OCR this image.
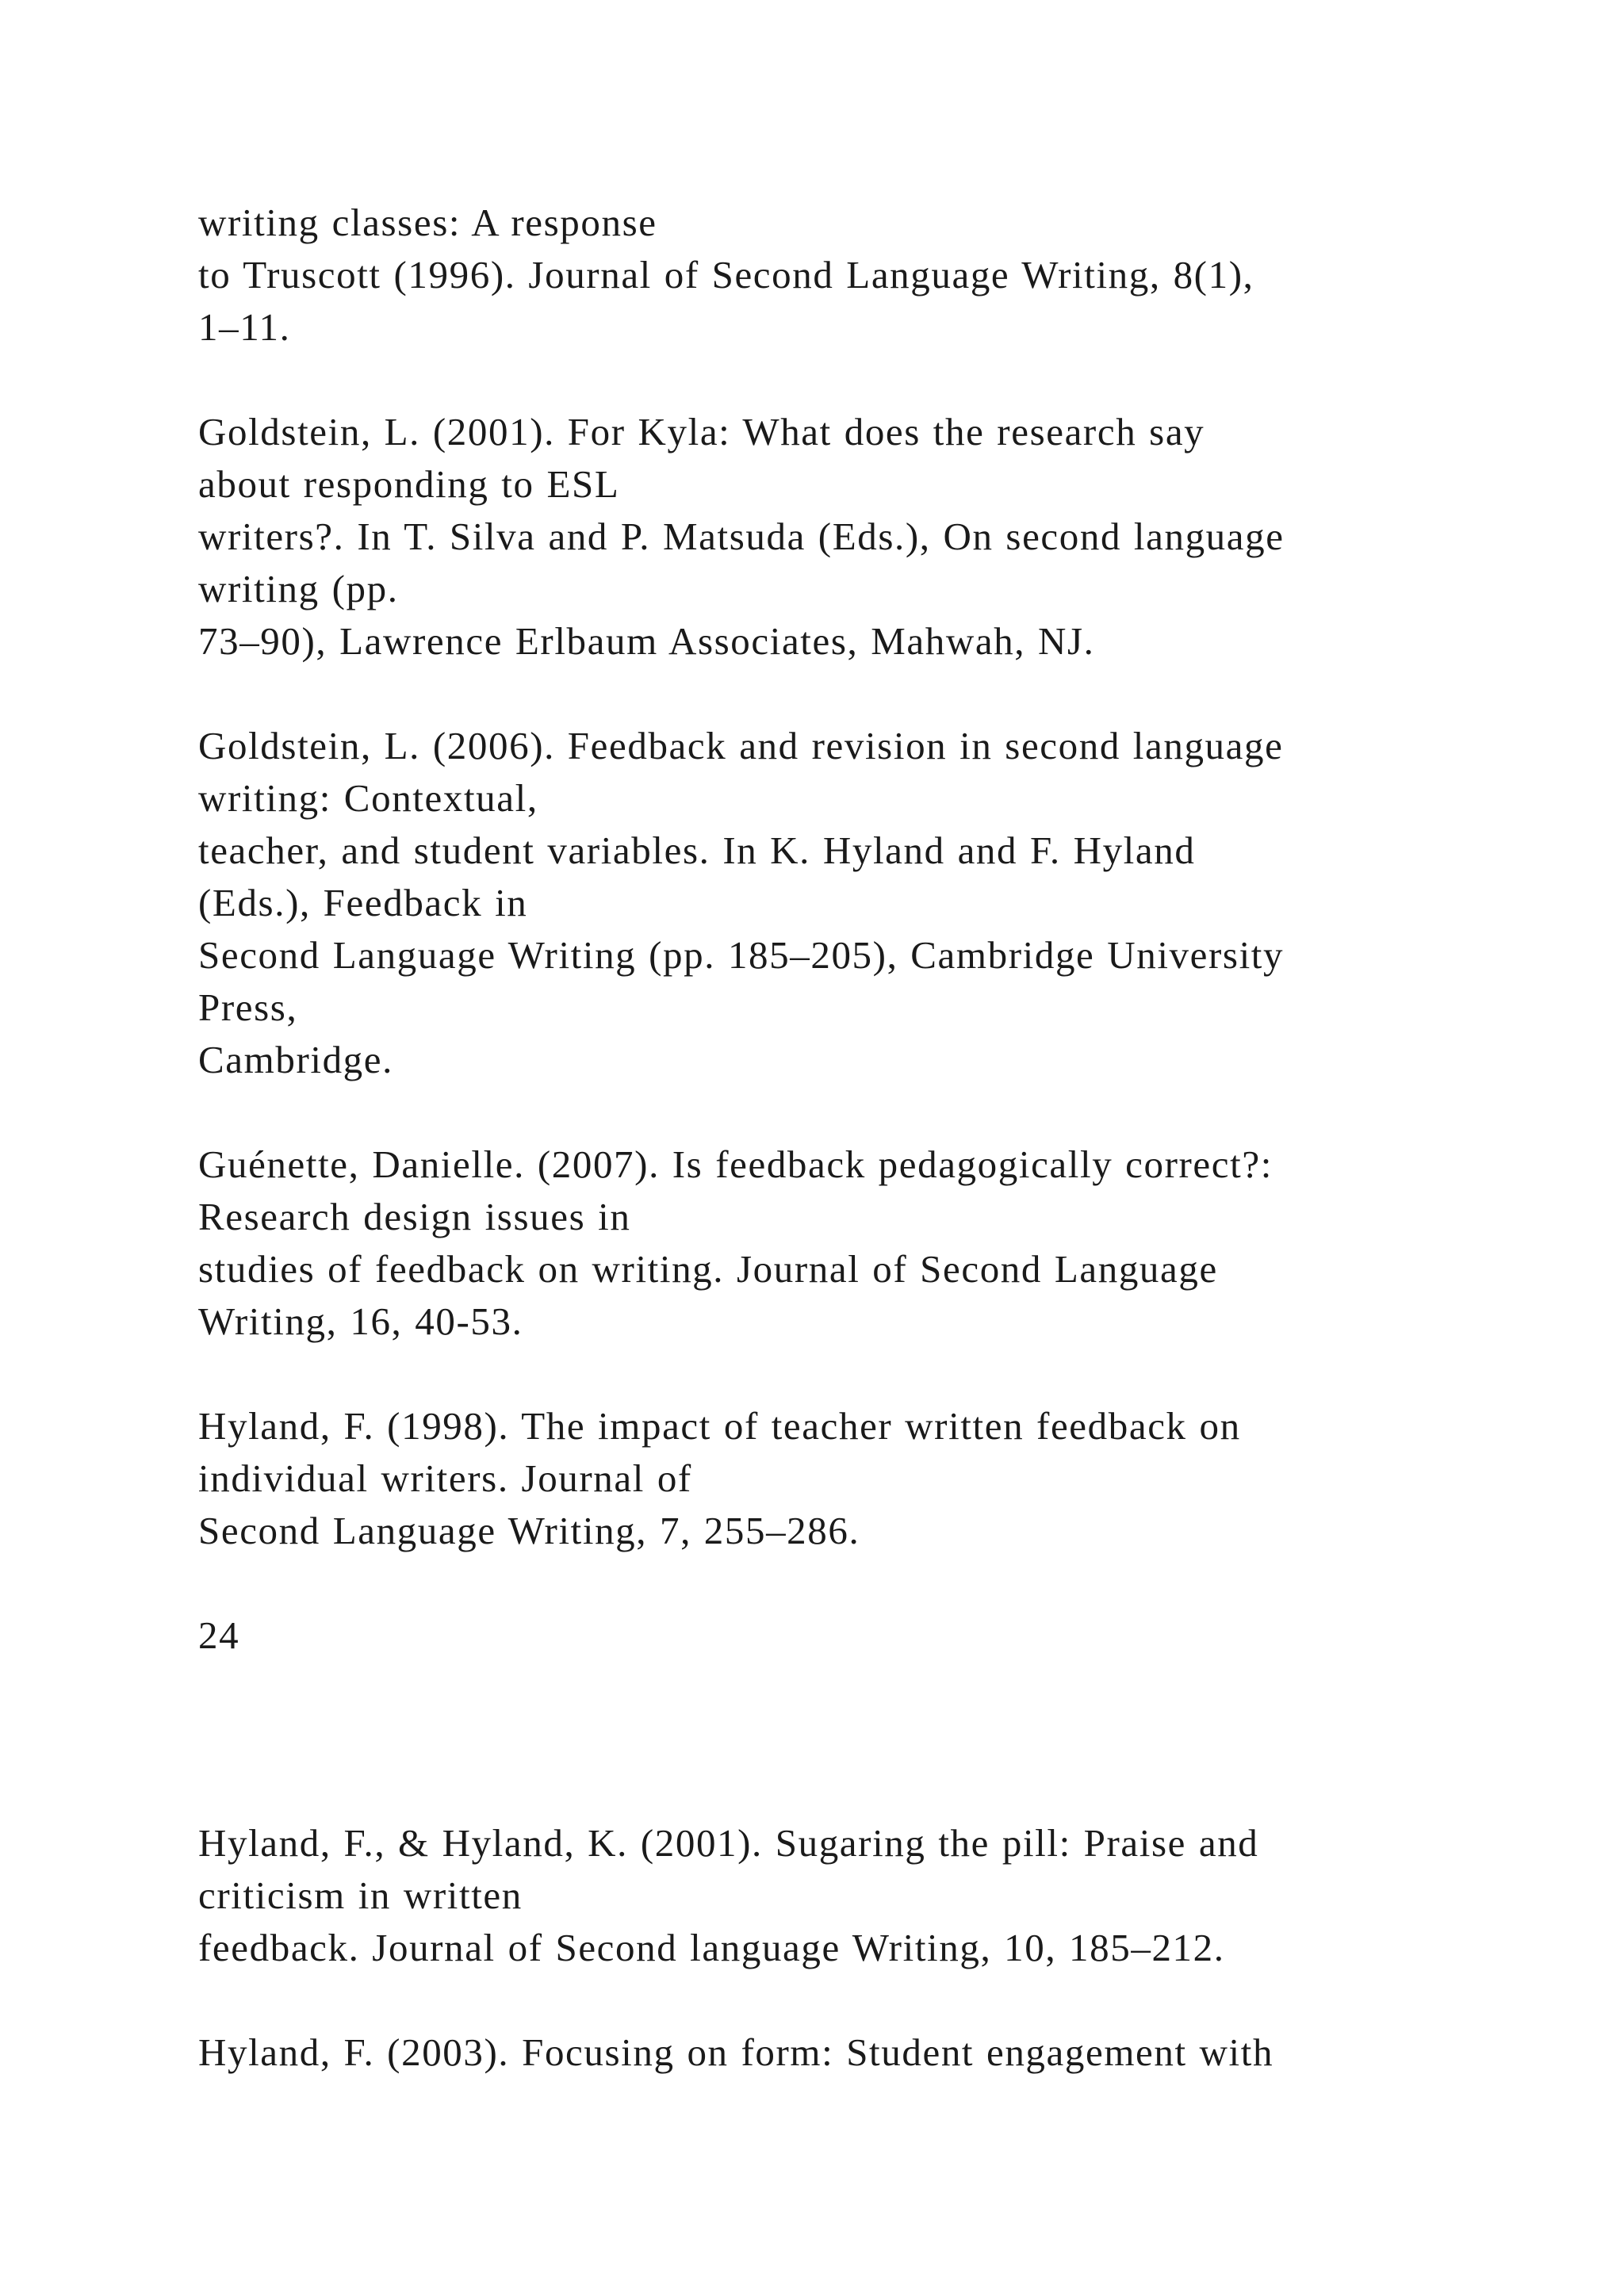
writing classes: A response
to Truscott (1996). Journal of Second Language Writing, 8(1),
1–11.
Goldstein, L. (2001). For Kyla: What does the research say
about responding to ESL
writers?. In T. Silva and P. Matsuda (Eds.), On second language
writing (pp.
73–90), Lawrence Erlbaum Associates, Mahwah, NJ.
Goldstein, L. (2006). Feedback and revision in second language
writing: Contextual,
teacher, and student variables. In K. Hyland and F. Hyland
(Eds.), Feedback in
Second Language Writing (pp. 185–205), Cambridge University
Press,
Cambridge.
Guénette, Danielle. (2007). Is feedback pedagogically correct?:
Research design issues in
studies of feedback on writing. Journal of Second Language
Writing, 16, 40-53.
Hyland, F. (1998). The impact of teacher written feedback on
individual writers. Journal of
Second Language Writing, 7, 255–286.
24
Hyland, F., & Hyland, K. (2001). Sugaring the pill: Praise and
criticism in written
feedback. Journal of Second language Writing, 10, 185–212.
Hyland, F. (2003). Focusing on form: Student engagement with
